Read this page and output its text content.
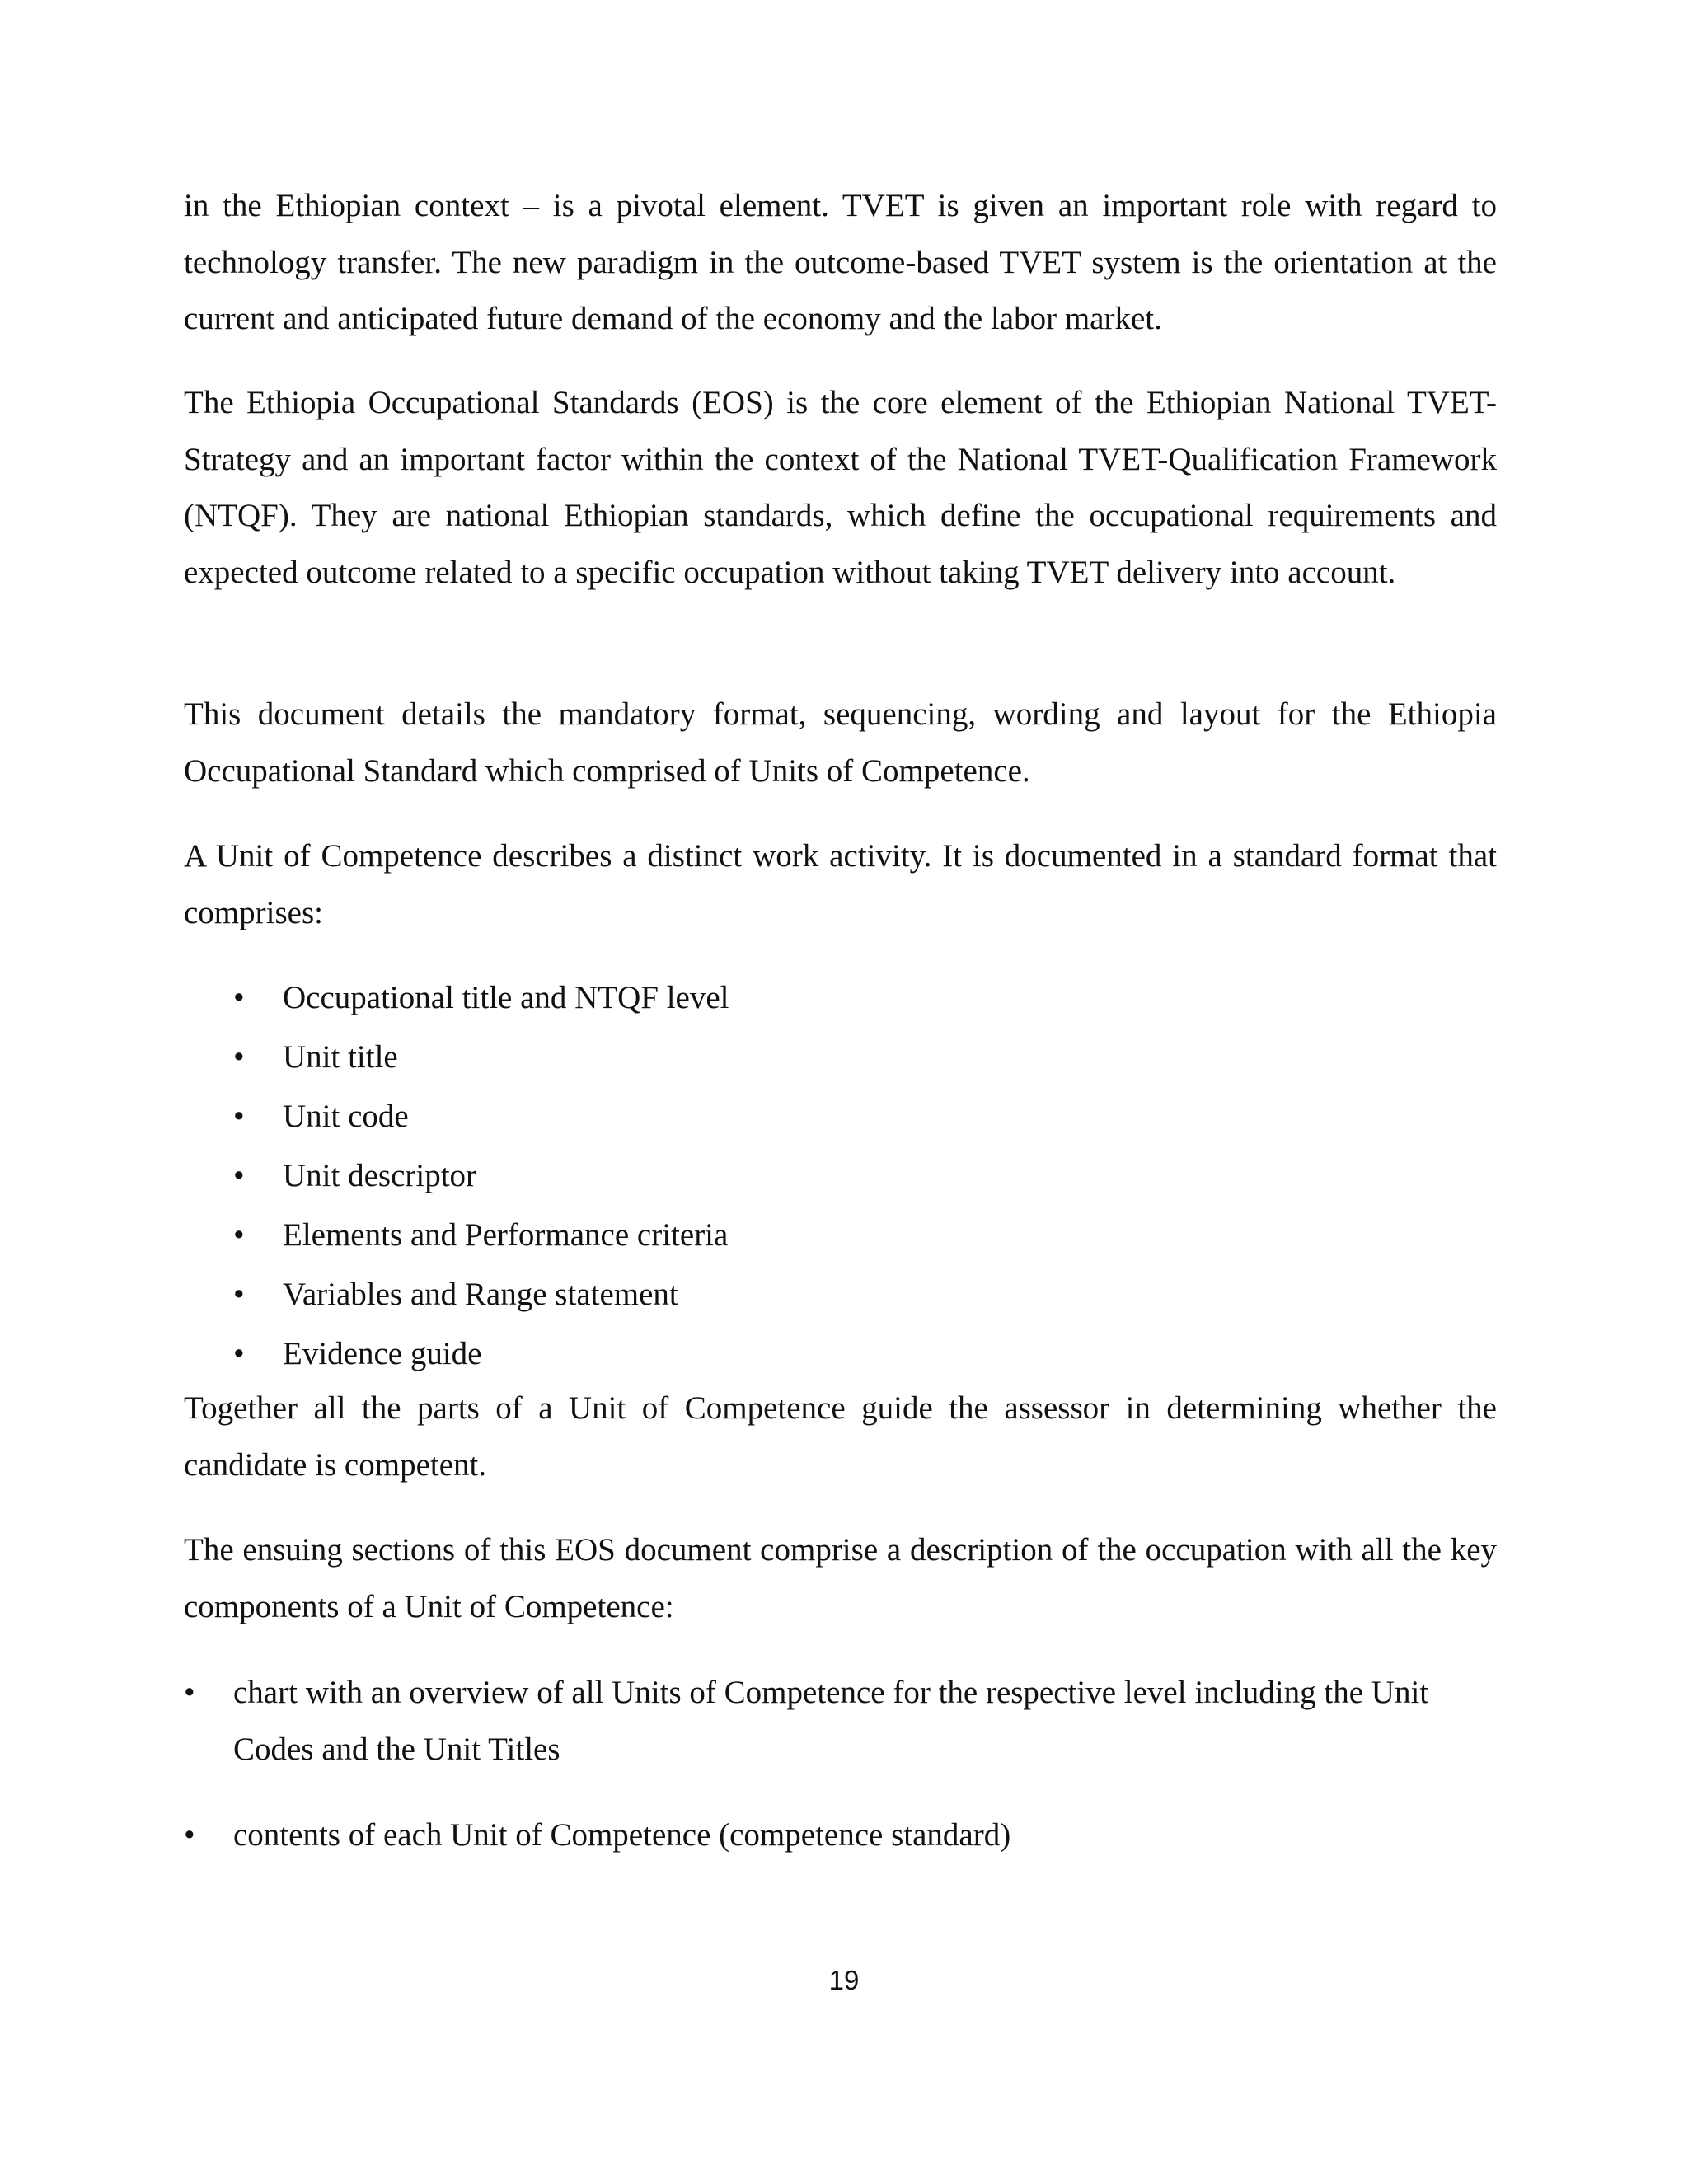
in the Ethiopian context – is a pivotal element. TVET is given an important role with regard to technology transfer. The new paradigm in the outcome-based TVET system is the orientation at the current and anticipated future demand of the economy and the labor market.

The Ethiopia Occupational Standards (EOS) is the core element of the Ethiopian National TVET-Strategy and an important factor within the context of the National TVET-Qualification Framework (NTQF). They are national Ethiopian standards, which define the occupational requirements and expected outcome related to a specific occupation without taking TVET delivery into account.

This document details the mandatory format, sequencing, wording and layout for the Ethiopia Occupational Standard which comprised of Units of Competence.

A Unit of Competence describes a distinct work activity. It is documented in a standard format that comprises:

• Occupational title and NTQF level
• Unit title
• Unit code
• Unit descriptor
• Elements and Performance criteria
• Variables and Range statement
• Evidence guide

Together all the parts of a Unit of Competence guide the assessor in determining whether the candidate is competent.

The ensuing sections of this EOS document comprise a description of the occupation with all the key components of a Unit of Competence:

• chart with an overview of all Units of Competence for the respective level including the Unit Codes and the Unit Titles
• contents of each Unit of Competence (competence standard)
19
